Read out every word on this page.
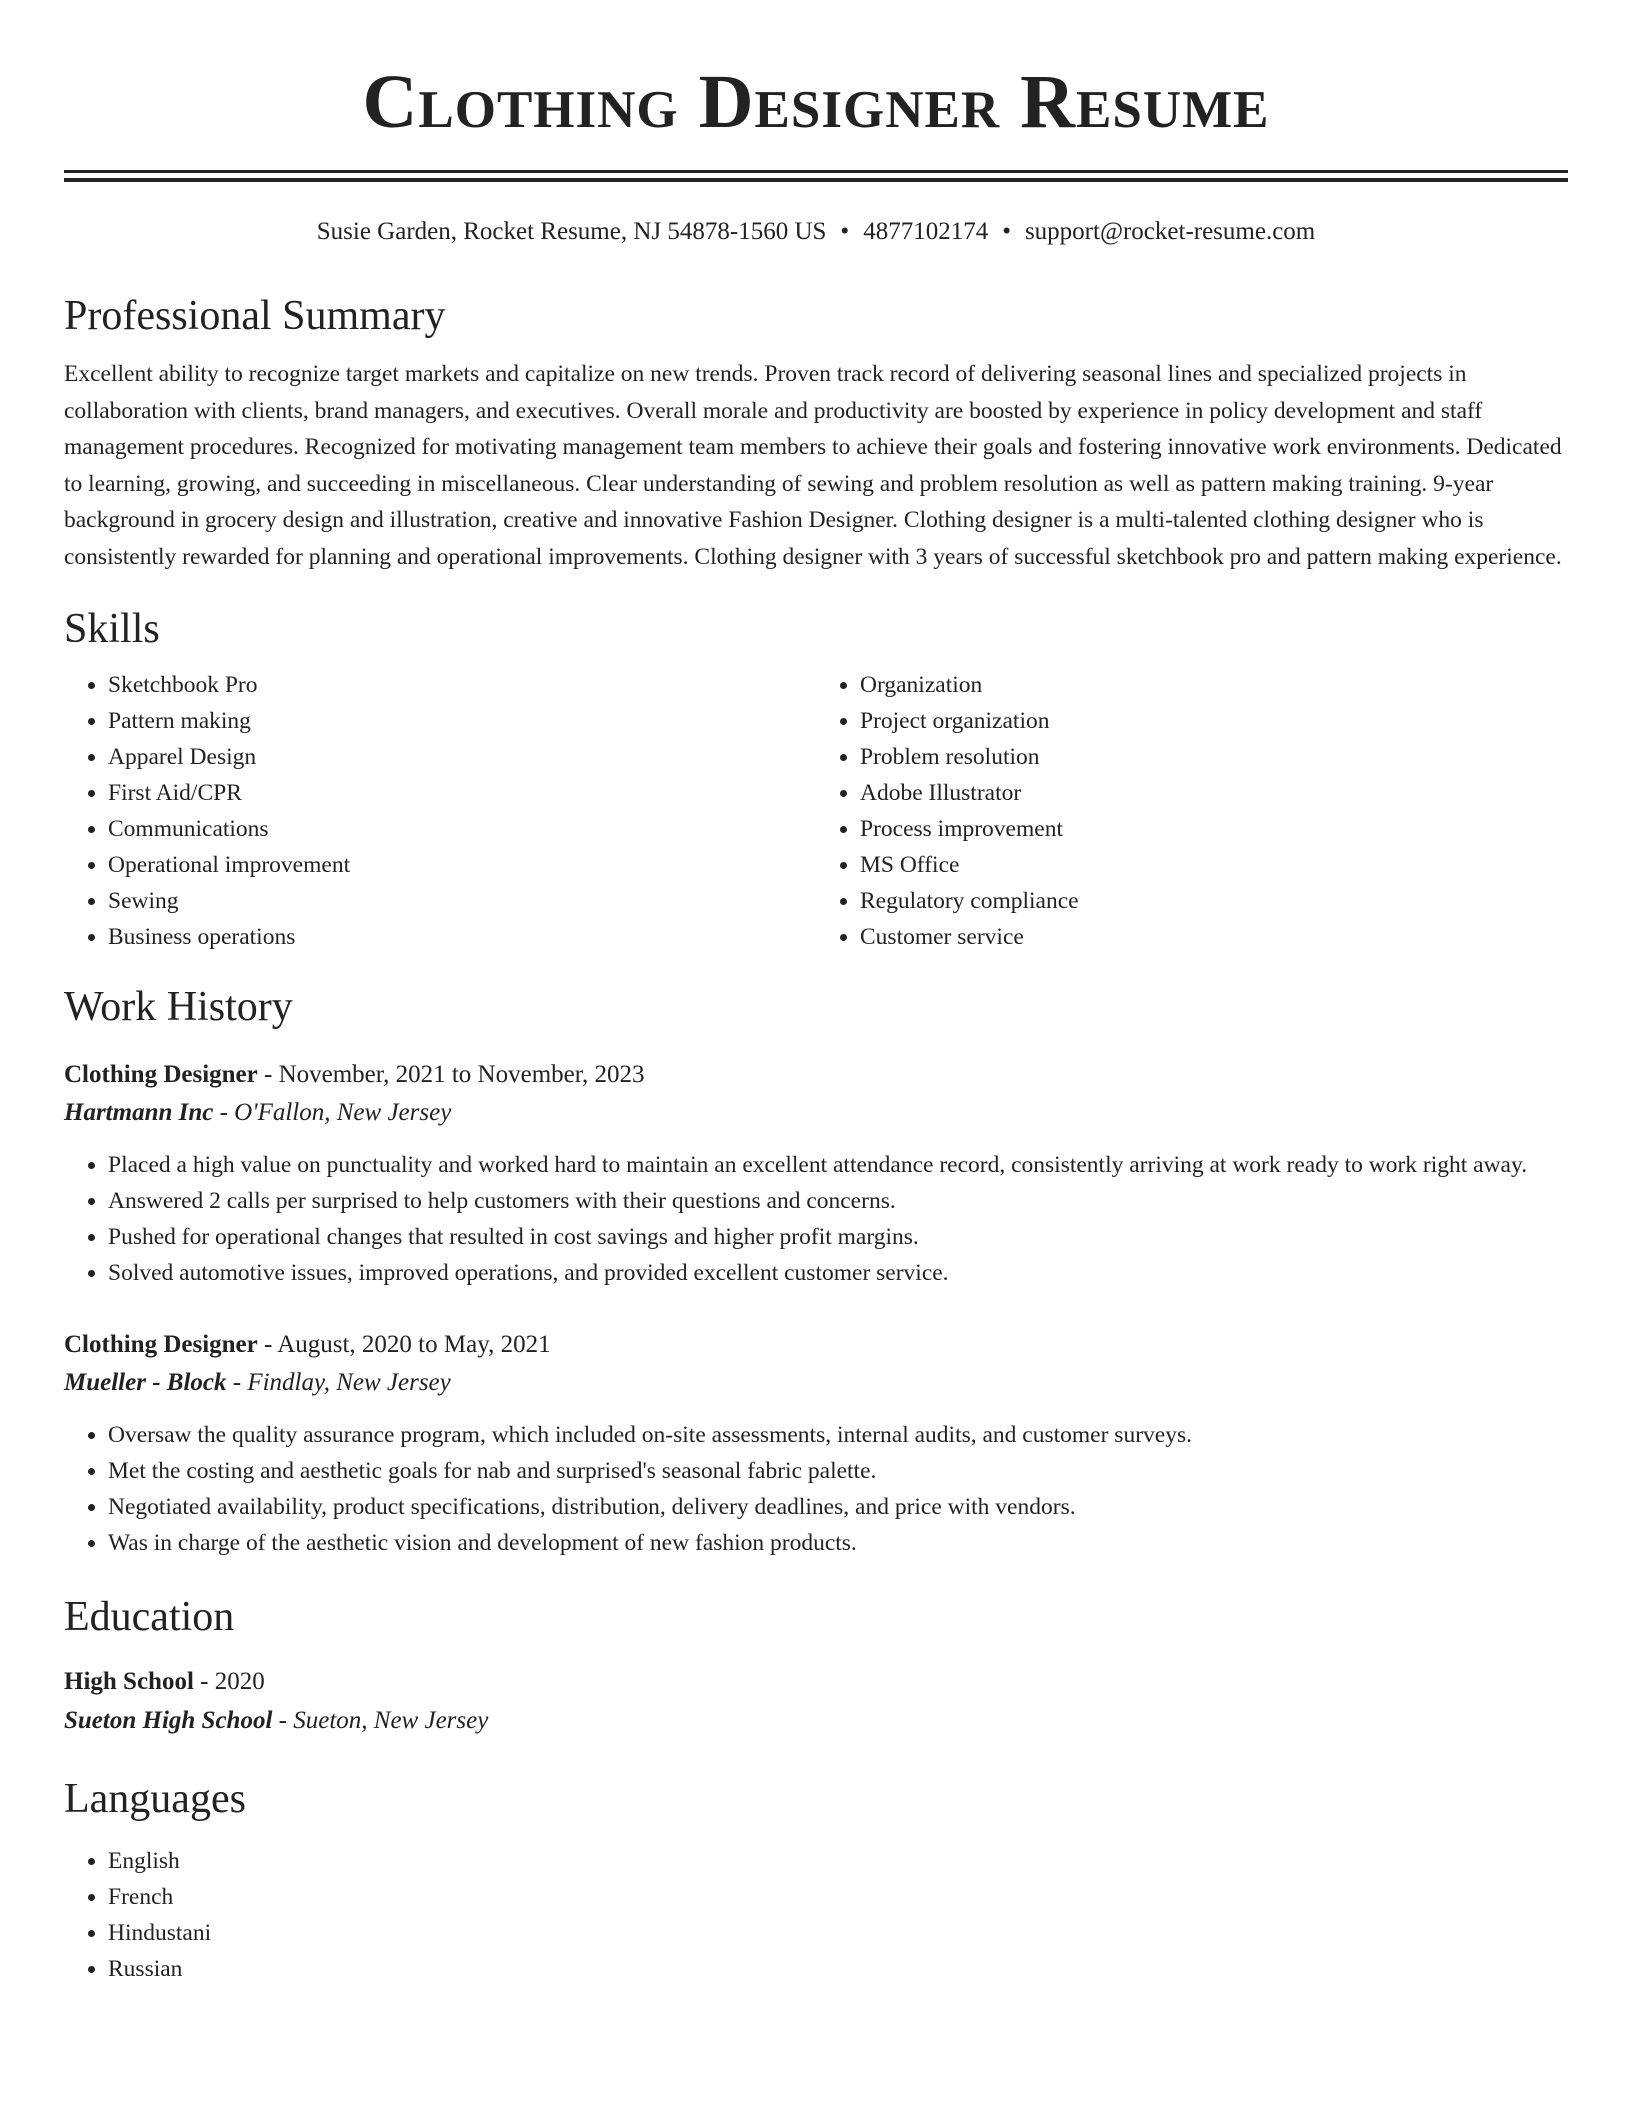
Clothing Designer Resume
Susie Garden, Rocket Resume, NJ 54878-1560 US • 4877102174 • support@rocket-resume.com
Professional Summary

Excellent ability to recognize target markets and capitalize on new trends. Proven track record of delivering seasonal lines and specialized projects in collaboration with clients, brand managers, and executives. Overall morale and productivity are boosted by experience in policy development and staff management procedures. Recognized for motivating management team members to achieve their goals and fostering innovative work environments. Dedicated to learning, growing, and succeeding in miscellaneous. Clear understanding of sewing and problem resolution as well as pattern making training. 9-year background in grocery design and illustration, creative and innovative Fashion Designer. Clothing designer is a multi-talented clothing designer who is consistently rewarded for planning and operational improvements. Clothing designer with 3 years of successful sketchbook pro and pattern making experience.

Skills
• Sketchbook Pro
• Pattern making
• Apparel Design
• First Aid/CPR
• Communications
• Operational improvement
• Sewing
• Business operations
• Organization
• Project organization
• Problem resolution
• Adobe Illustrator
• Process improvement
• MS Office
• Regulatory compliance
• Customer service
Work History
Clothing Designer - November, 2021 to November, 2023
Hartmann Inc - O'Fallon, New Jersey
• Placed a high value on punctuality and worked hard to maintain an excellent attendance record, consistently arriving at work ready to work right away.
• Answered 2 calls per surprised to help customers with their questions and concerns.
• Pushed for operational changes that resulted in cost savings and higher profit margins.
• Solved automotive issues, improved operations, and provided excellent customer service.
Clothing Designer - August, 2020 to May, 2021
Mueller - Block - Findlay, New Jersey
• Oversaw the quality assurance program, which included on-site assessments, internal audits, and customer surveys.
• Met the costing and aesthetic goals for nab and surprised's seasonal fabric palette.
• Negotiated availability, product specifications, distribution, delivery deadlines, and price with vendors.
• Was in charge of the aesthetic vision and development of new fashion products.
Education
High School - 2020
Sueton High School - Sueton, New Jersey
Languages
• English
• French
• Hindustani
• Russian
